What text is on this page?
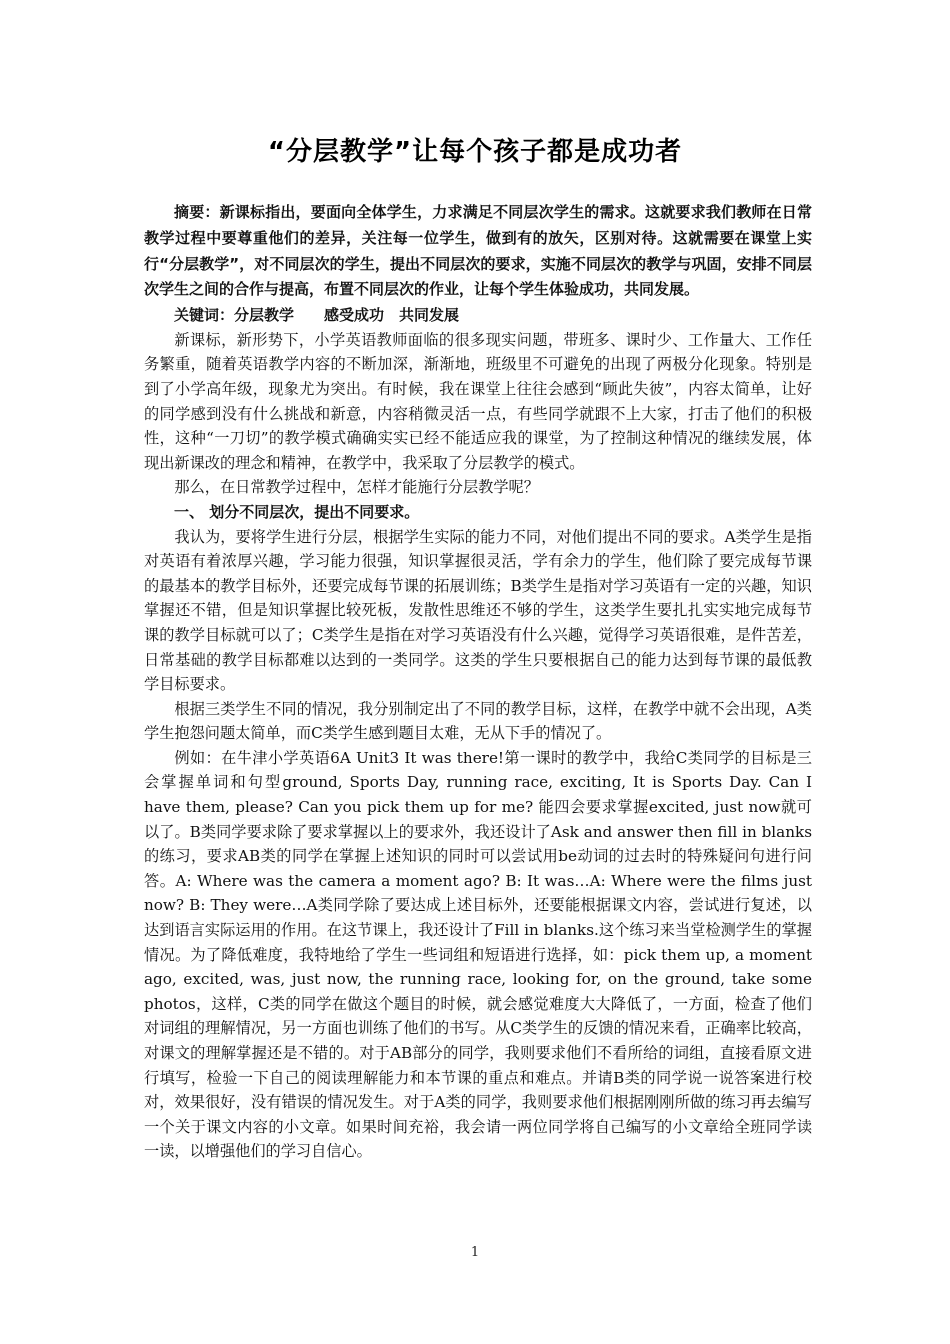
“分层教学”让每个孩子都是成功者

摘要：新课标指出，要面向全体学生，力求满足不同层次学生的需求。这就要求我们教师在日常教学过程中要尊重他们的差异，关注每一位学生，做到有的放矢，区别对待。这就需要在课堂上实行“分层教学”，对不同层次的学生，提出不同层次的要求，实施不同层次的教学与巩固，安排不同层次学生之间的合作与提高，布置不同层次的作业，让每个学生体验成功，共同发展。

关键词：分层教学　　感受成功　共同发展

新课标，新形势下，小学英语教师面临的很多现实问题，带班多、课时少、工作量大、工作任务繁重，随着英语教学内容的不断加深，渐渐地，班级里不可避免的出现了两极分化现象。特别是到了小学高年级，现象尤为突出。有时候，我在课堂上往往会感到“顾此失彼”，内容太简单，让好的同学感到没有什么挑战和新意，内容稍微灵活一点，有些同学就跟不上大家，打击了他们的积极性，这种“一刀切”的教学模式确确实实已经不能适应我的课堂，为了控制这种情况的继续发展，体现出新课改的理念和精神，在教学中，我采取了分层教学的模式。

那么，在日常教学过程中，怎样才能施行分层教学呢？

一、 划分不同层次，提出不同要求。

我认为，要将学生进行分层，根据学生实际的能力不同，对他们提出不同的要求。A类学生是指对英语有着浓厚兴趣，学习能力很强，知识掌握很灵活，学有余力的学生，他们除了要完成每节课的最基本的教学目标外，还要完成每节课的拓展训练；B类学生是指对学习英语有一定的兴趣，知识掌握还不错，但是知识掌握比较死板，发散性思维还不够的学生，这类学生要扎扎实实地完成每节课的教学目标就可以了；C类学生是指在对学习英语没有什么兴趣，觉得学习英语很难，是件苦差，日常基础的教学目标都难以达到的一类同学。这类的学生只要根据自己的能力达到每节课的最低教学目标要求。

根据三类学生不同的情况，我分别制定出了不同的教学目标，这样，在教学中就不会出现，A类学生抱怨问题太简单，而C类学生感到题目太难，无从下手的情况了。

例如：在牛津小学英语6A Unit3 It was there!第一课时的教学中，我给C类同学的目标是三会掌握单词和句型ground, Sports Day, running race, exciting, It is Sports Day. Can I have them, please? Can you pick them up for me? 能四会要求掌握excited, just now就可以了。B类同学要求除了要求掌握以上的要求外，我还设计了Ask and answer then fill in blanks的练习，要求AB类的同学在掌握上述知识的同时可以尝试用be动词的过去时的特殊疑问句进行问答。A: Where was the camera a moment ago? B: It was…A: Where were the films just now? B: They were…A类同学除了要达成上述目标外，还要能根据课文内容，尝试进行复述，以达到语言实际运用的作用。在这节课上，我还设计了Fill in blanks.这个练习来当堂检测学生的掌握情况。为了降低难度，我特地给了学生一些词组和短语进行选择，如：pick them up, a moment ago, excited, was, just now, the running race, looking for, on the ground, take some photos，这样，C类的同学在做这个题目的时候，就会感觉难度大大降低了，一方面，检查了他们对词组的理解情况，另一方面也训练了他们的书写。从C类学生的反馈的情况来看，正确率比较高，对课文的理解掌握还是不错的。对于AB部分的同学，我则要求他们不看所给的词组，直接看原文进行填写，检验一下自己的阅读理解能力和本节课的重点和难点。并请B类的同学说一说答案进行校对，效果很好，没有错误的情况发生。对于A类的同学，我则要求他们根据刚刚所做的练习再去编写一个关于课文内容的小文章。如果时间充裕，我会请一两位同学将自己编写的小文章给全班同学读一读，以增强他们的学习自信心。

1
